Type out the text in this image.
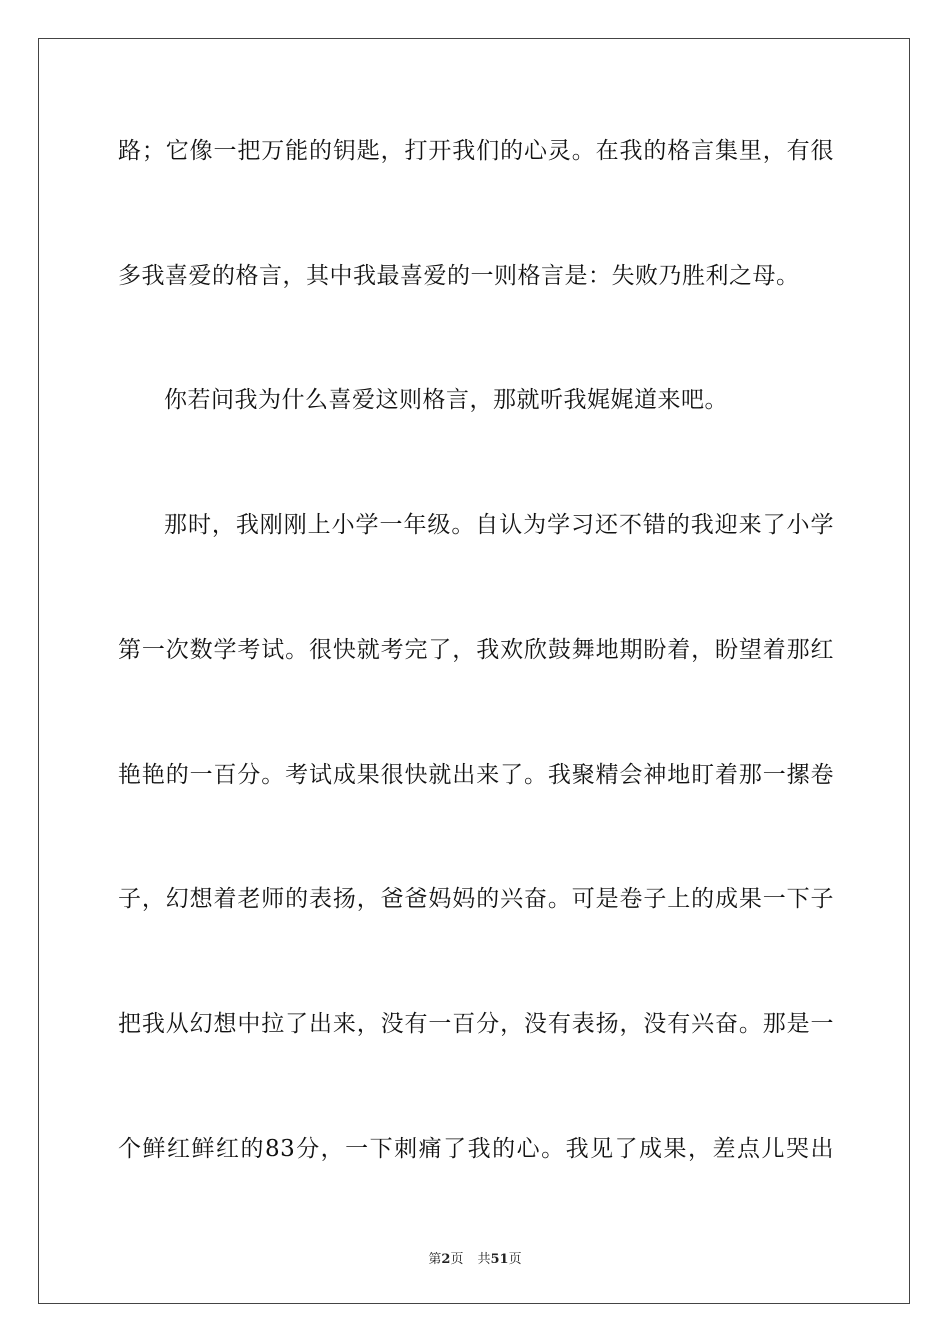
路；它像一把万能的钥匙，打开我们的心灵。在我的格言集里，有很
多我喜爱的格言，其中我最喜爱的一则格言是：失败乃胜利之母。
你若问我为什么喜爱这则格言，那就听我娓娓道来吧。
那时，我刚刚上小学一年级。自认为学习还不错的我迎来了小学
第一次数学考试。很快就考完了，我欢欣鼓舞地期盼着，盼望着那红
艳艳的一百分。考试成果很快就出来了。我聚精会神地盯着那一摞卷
子，幻想着老师的表扬，爸爸妈妈的兴奋。可是卷子上的成果一下子
把我从幻想中拉了出来，没有一百分，没有表扬，没有兴奋。那是一
个鲜红鲜红的83分，一下刺痛了我的心。我见了成果，差点儿哭出
第2页 共51页
